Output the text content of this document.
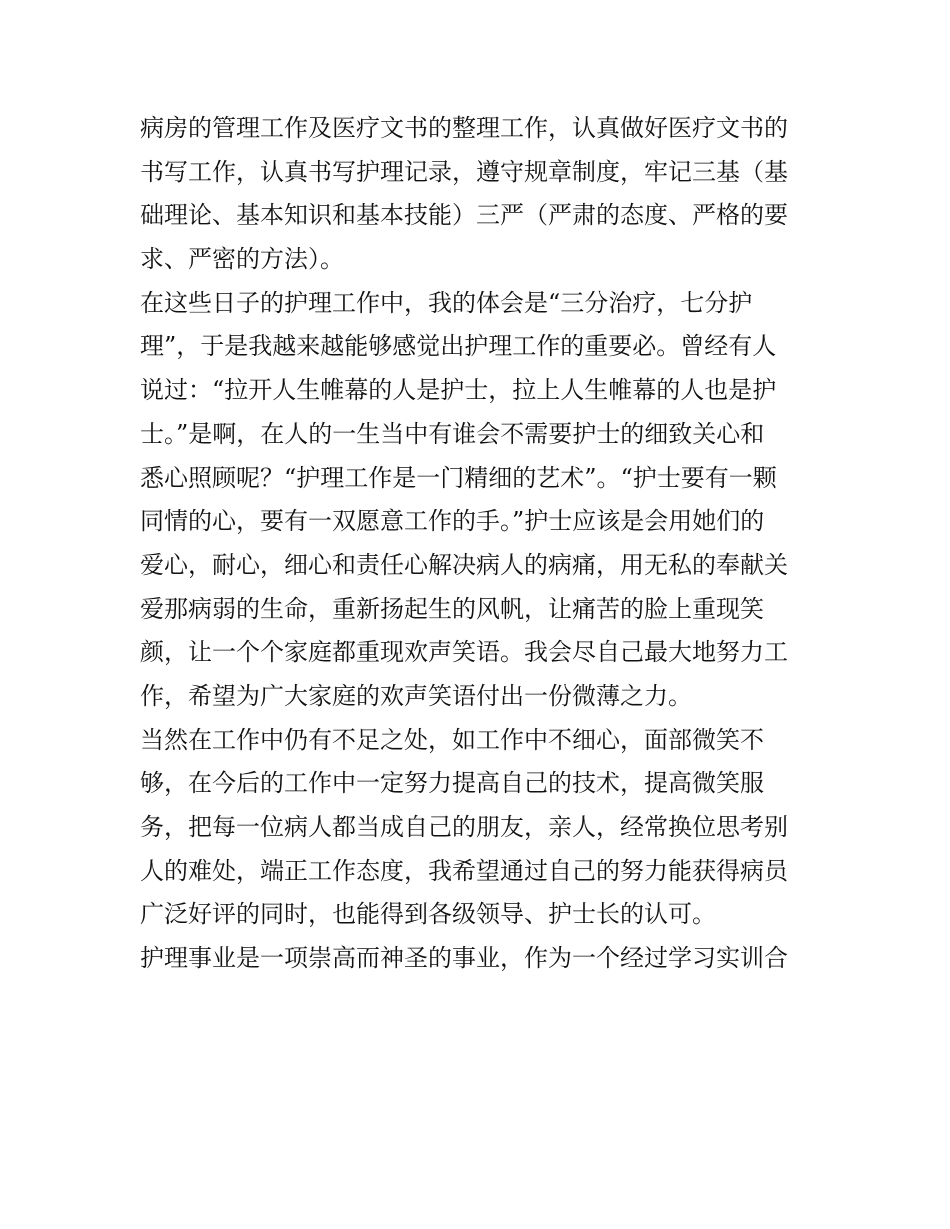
病房的管理工作及医疗文书的整理工作，认真做好医疗文书的
书写工作，认真书写护理记录，遵守规章制度，牢记三基（基
础理论、基本知识和基本技能）三严（严肃的态度、严格的要
求、严密的方法）。

在这些日子的护理工作中，我的体会是“三分治疗，七分护
理”，于是我越来越能够感觉出护理工作的重要必。曾经有人
说过：“拉开人生帷幕的人是护士，拉上人生帷幕的人也是护
士。”是啊，在人的一生当中有谁会不需要护士的细致关心和
悉心照顾呢？“护理工作是一门精细的艺术”。“护士要有一颗
同情的心，要有一双愿意工作的手。”护士应该是会用她们的
爱心，耐心，细心和责任心解决病人的病痛，用无私的奉献关
爱那病弱的生命，重新扬起生的风帆，让痛苦的脸上重现笑
颜，让一个个家庭都重现欢声笑语。我会尽自己最大地努力工
作，希望为广大家庭的欢声笑语付出一份微薄之力。

当然在工作中仍有不足之处，如工作中不细心，面部微笑不
够，在今后的工作中一定努力提高自己的技术，提高微笑服
务，把每一位病人都当成自己的朋友，亲人，经常换位思考别
人的难处，端正工作态度，我希望通过自己的努力能获得病员
广泛好评的同时，也能得到各级领导、护士长的认可。

护理事业是一项崇高而神圣的事业，作为一个经过学习实训合
